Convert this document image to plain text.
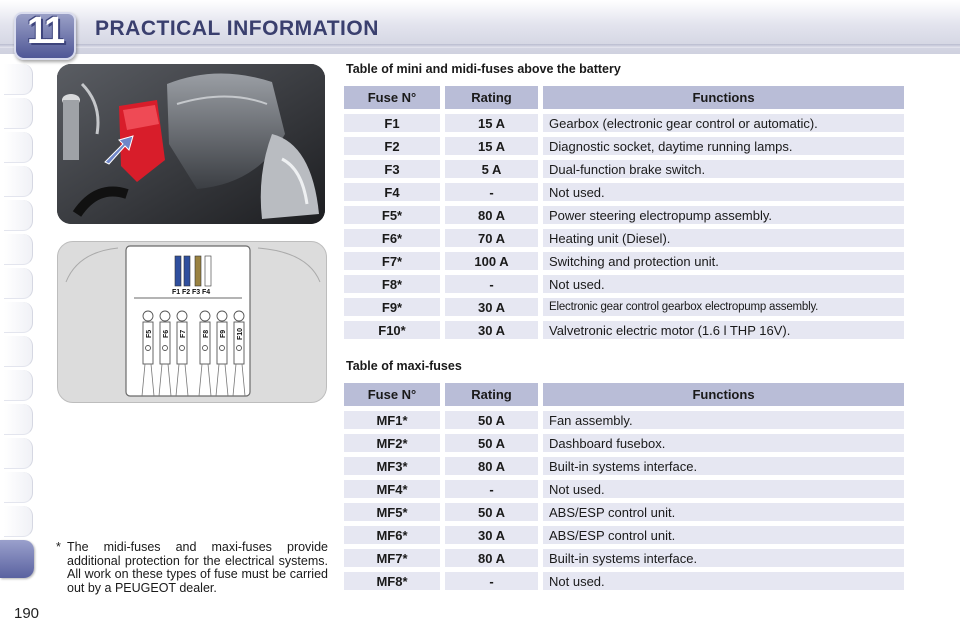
11	PRACTICAL INFORMATION
F1 F2 F3 F4
F5 F6 F7 F8 F9 F10
* The midi-fuses and maxi-fuses provide additional protection for the electrical systems. All work on these types of fuse must be carried out by a PEUGEOT dealer.
190
Table of mini and midi-fuses above the battery
Fuse N°	Rating	Functions
F1	15 A	Gearbox (electronic gear control or automatic).
F2	15 A	Diagnostic socket, daytime running lamps.
F3	5 A	Dual-function brake switch.
F4	-	Not used.
F5*	80 A	Power steering electropump assembly.
F6*	70 A	Heating unit (Diesel).
F7*	100 A	Switching and protection unit.
F8*	-	Not used.
F9*	30 A	Electronic gear control gearbox electropump assembly.
F10*	30 A	Valvetronic electric motor (1.6 l THP 16V).
Table of maxi-fuses
Fuse N°	Rating	Functions
MF1*	50 A	Fan assembly.
MF2*	50 A	Dashboard fusebox.
MF3*	80 A	Built-in systems interface.
MF4*	-	Not used.
MF5*	50 A	ABS/ESP control unit.
MF6*	30 A	ABS/ESP control unit.
MF7*	80 A	Built-in systems interface.
MF8*	-	Not used.
